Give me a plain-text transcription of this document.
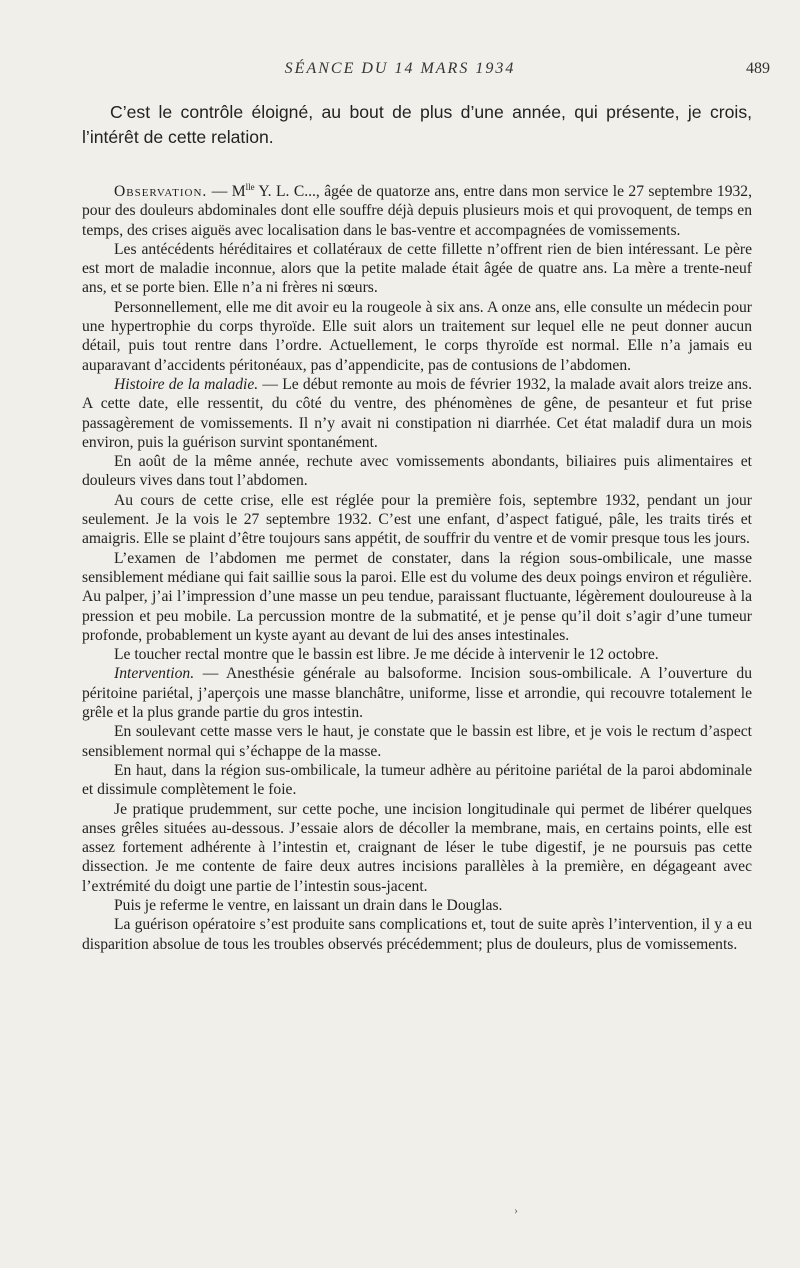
SÉANCE DU 14 MARS 1934	489

C’est le contrôle éloigné, au bout de plus d’une année, qui présente, je crois, l’intérêt de cette relation.

Observation. — $M^{lle}$ Y. L. C..., âgée de quatorze ans, entre dans mon service le 27 septembre 1932, pour des douleurs abdominales dont elle souffre déjà depuis plusieurs mois et qui provoquent, de temps en temps, des crises aiguës avec localisation dans le bas-ventre et accompagnées de vomissements.

Les antécédents héréditaires et collatéraux de cette fillette n’offrent rien de bien intéressant. Le père est mort de maladie inconnue, alors que la petite malade était âgée de quatre ans. La mère a trente-neuf ans, et se porte bien. Elle n’a ni frères ni sœurs.

Personnellement, elle me dit avoir eu la rougeole à six ans. A onze ans, elle consulte un médecin pour une hypertrophie du corps thyroïde. Elle suit alors un traitement sur lequel elle ne peut donner aucun détail, puis tout rentre dans l’ordre. Actuellement, le corps thyroïde est normal. Elle n’a jamais eu auparavant d’accidents péritonéaux, pas d’appendicite, pas de contusions de l’abdomen.

Histoire de la maladie. — Le début remonte au mois de février 1932, la malade avait alors treize ans. A cette date, elle ressentit, du côté du ventre, des phénomènes de gêne, de pesanteur et fut prise passagèrement de vomissements. Il n’y avait ni constipation ni diarrhée. Cet état maladif dura un mois environ, puis la guérison survint spontanément.

En août de la même année, rechute avec vomissements abondants, biliaires puis alimentaires et douleurs vives dans tout l’abdomen.

Au cours de cette crise, elle est réglée pour la première fois, septembre 1932, pendant un jour seulement. Je la vois le 27 septembre 1932. C’est une enfant, d’aspect fatigué, pâle, les traits tirés et amaigris. Elle se plaint d’être toujours sans appétit, de souffrir du ventre et de vomir presque tous les jours.

L’examen de l’abdomen me permet de constater, dans la région sous-ombilicale, une masse sensiblement médiane qui fait saillie sous la paroi. Elle est du volume des deux poings environ et régulière. Au palper, j’ai l’impression d’une masse un peu tendue, paraissant fluctuante, légèrement douloureuse à la pression et peu mobile. La percussion montre de la submatité, et je pense qu’il doit s’agir d’une tumeur profonde, probablement un kyste ayant au devant de lui des anses intestinales.

Le toucher rectal montre que le bassin est libre. Je me décide à intervenir le 12 octobre.

Intervention. — Anesthésie générale au balsoforme. Incision sous-ombilicale. A l’ouverture du péritoine pariétal, j’aperçois une masse blanchâtre, uniforme, lisse et arrondie, qui recouvre totalement le grêle et la plus grande partie du gros intestin.

En soulevant cette masse vers le haut, je constate que le bassin est libre, et je vois le rectum d’aspect sensiblement normal qui s’échappe de la masse.

En haut, dans la région sus-ombilicale, la tumeur adhère au péritoine pariétal de la paroi abdominale et dissimule complètement le foie.

Je pratique prudemment, sur cette poche, une incision longitudinale qui permet de libérer quelques anses grêles situées au-dessous. J’essaie alors de décoller la membrane, mais, en certains points, elle est assez fortement adhérente à l’intestin et, craignant de léser le tube digestif, je ne poursuis pas cette dissection. Je me contente de faire deux autres incisions parallèles à la première, en dégageant avec l’extrémité du doigt une partie de l’intestin sous-jacent.

Puis je referme le ventre, en laissant un drain dans le Douglas.

La guérison opératoire s’est produite sans complications et, tout de suite après l’intervention, il y a eu disparition absolue de tous les troubles observés précédemment; plus de douleurs, plus de vomissements.

›
